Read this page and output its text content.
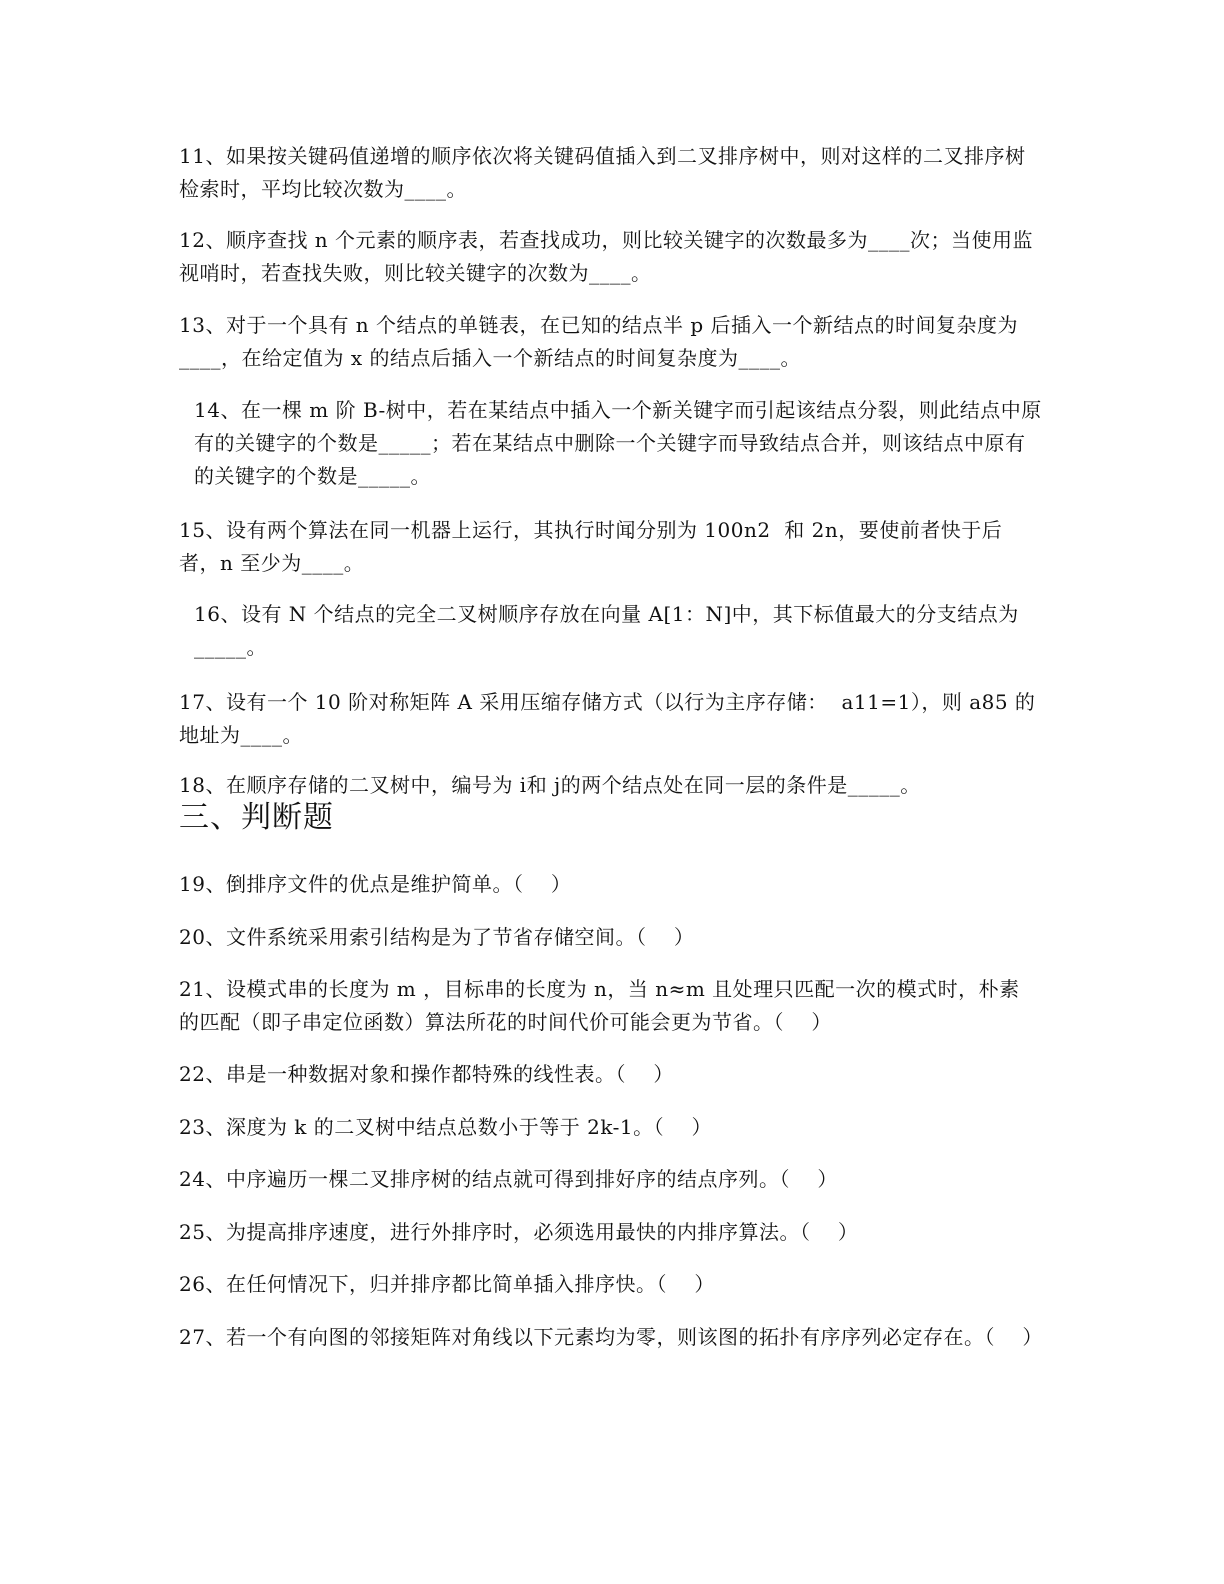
11、如果按关键码值递增的顺序依次将关键码值插入到二叉排序树中，则对这样的二叉排序树检索时，平均比较次数为____。
12、顺序查找 n 个元素的顺序表，若查找成功，则比较关键字的次数最多为____次；当使用监视哨时，若查找失败，则比较关键字的次数为____。
13、对于一个具有 n 个结点的单链表，在已知的结点半 p 后插入一个新结点的时间复杂度为____，在给定值为 x 的结点后插入一个新结点的时间复杂度为____。
14、在一棵 m 阶 B-树中，若在某结点中插入一个新关键字而引起该结点分裂，则此结点中原有的关键字的个数是_____；若在某结点中删除一个关键字而导致结点合并，则该结点中原有的关键字的个数是_____。
15、设有两个算法在同一机器上运行，其执行时闻分别为 100n2  和 2n，要使前者快于后者，n 至少为____。
16、设有 N 个结点的完全二叉树顺序存放在向量 A[1：N]中，其下标值最大的分支结点为_____。
17、设有一个 10 阶对称矩阵 A 采用压缩存储方式（以行为主序存储：  a11=1），则 a85 的地址为____。
18、在顺序存储的二叉树中，编号为 i和 j的两个结点处在同一层的条件是_____。
三、判断题
19、倒排序文件的优点是维护简单。（    ）
20、文件系统采用索引结构是为了节省存储空间。（    ）
21、设模式串的长度为 m ，目标串的长度为 n，当 n≈m 且处理只匹配一次的模式时，朴素的匹配（即子串定位函数）算法所花的时间代价可能会更为节省。（    ）
22、串是一种数据对象和操作都特殊的线性表。（    ）
23、深度为 k 的二叉树中结点总数小于等于 2k-1。（    ）
24、中序遍历一棵二叉排序树的结点就可得到排好序的结点序列。（    ）
25、为提高排序速度，进行外排序时，必须选用最快的内排序算法。（    ）
26、在任何情况下，归并排序都比简单插入排序快。（    ）
27、若一个有向图的邻接矩阵对角线以下元素均为零，则该图的拓扑有序序列必定存在。（    ）
